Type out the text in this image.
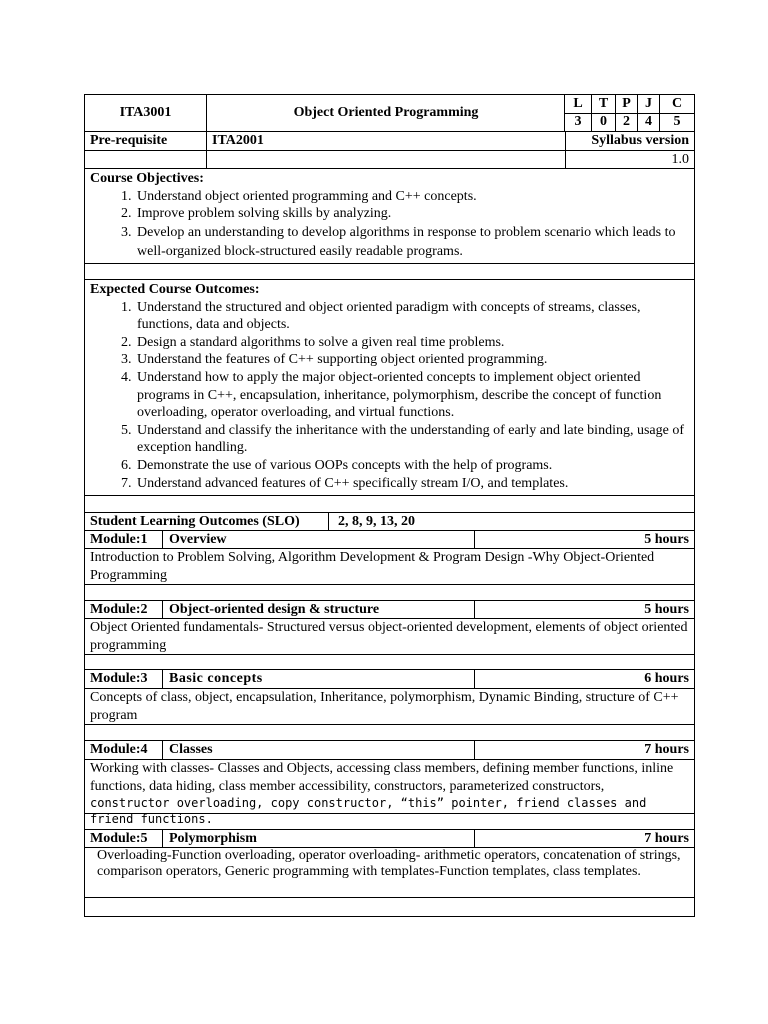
ITA3001	Object Oriented Programming
L	T	P	J	C
3	0	2	4	5
Pre-requisite	ITA2001	Syllabus version
1.0
Course Objectives:
1. Understand object oriented programming and C++ concepts.
2. Improve problem solving skills by analyzing.
3. Develop an understanding to develop algorithms in response to problem scenario which leads to well-organized block-structured easily readable programs.
Expected Course Outcomes:
1. Understand the structured and object oriented paradigm with concepts of streams, classes, functions, data and objects.
2. Design a standard algorithms to solve a given real time problems.
3. Understand the features of C++ supporting object oriented programming.
4. Understand how to apply the major object-oriented concepts to implement object oriented programs in C++, encapsulation, inheritance, polymorphism, describe the concept of function overloading, operator overloading, and virtual functions.
5. Understand and classify the inheritance with the understanding of early and late binding, usage of exception handling.
6. Demonstrate the use of various OOPs concepts with the help of programs.
7. Understand advanced features of C++ specifically stream I/O, and templates.
Student Learning Outcomes (SLO)	2, 8, 9, 13, 20
Module:1	Overview	5 hours
Introduction to Problem Solving, Algorithm Development & Program Design -Why Object-Oriented Programming
Module:2	Object-oriented design & structure	5 hours
Object Oriented fundamentals- Structured versus object-oriented development, elements of object oriented programming
Module:3	Basic concepts	6 hours
Concepts of class, object, encapsulation, Inheritance, polymorphism, Dynamic Binding, structure of C++ program
Module:4	Classes	7 hours
Working with classes- Classes and Objects, accessing class members, defining member functions, inline functions, data hiding, class member accessibility, constructors, parameterized constructors,
constructor overloading, copy constructor, “this” pointer, friend classes and friend functions.
Module:5	Polymorphism	7 hours
Overloading-Function overloading, operator overloading- arithmetic operators, concatenation of strings, comparison operators, Generic programming with templates-Function templates, class templates.
